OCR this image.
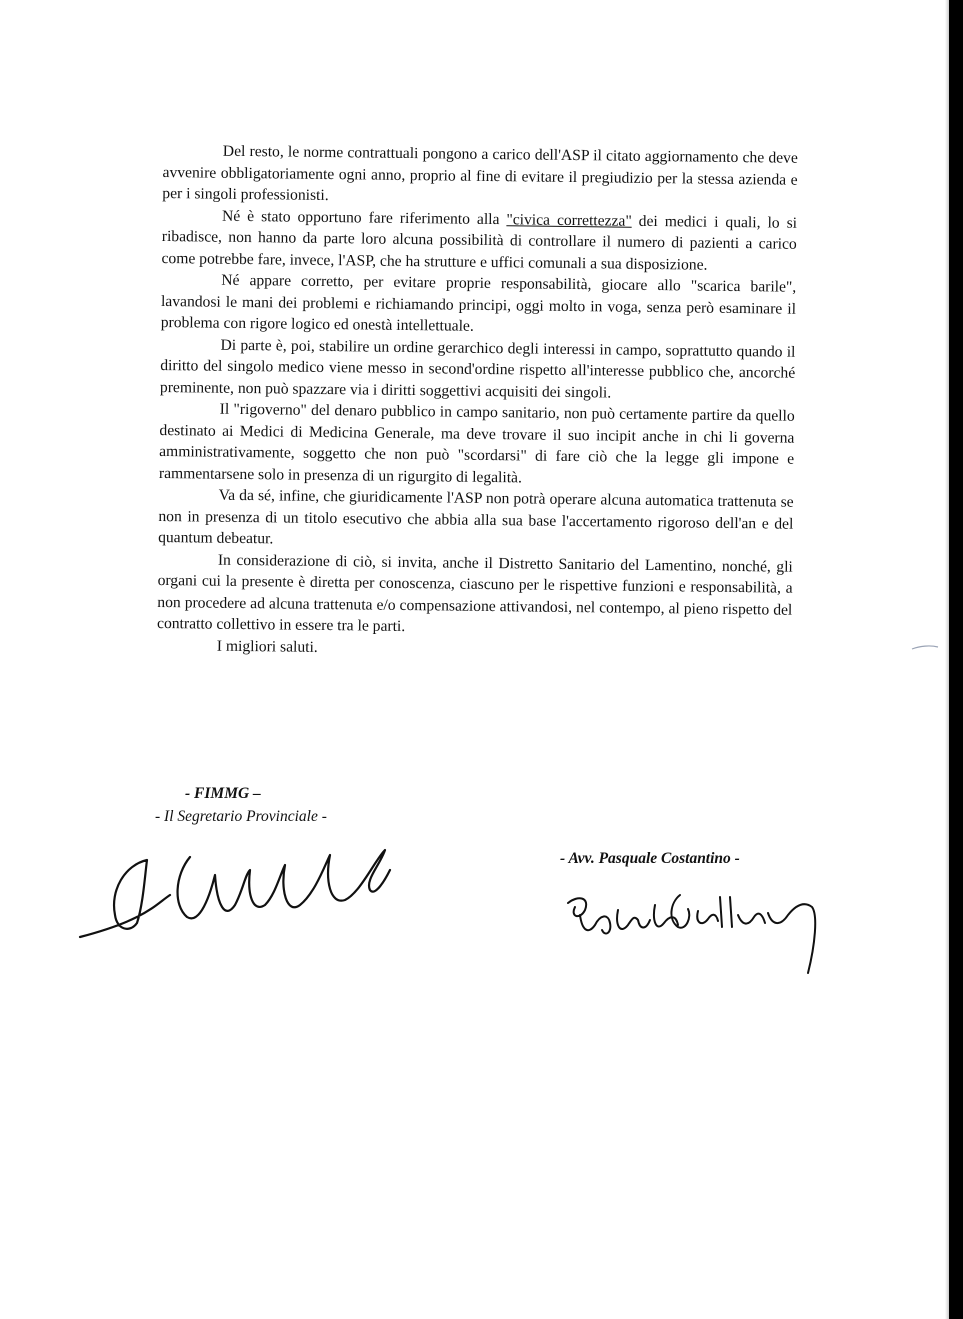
Del resto, le norme contrattuali pongono a carico dell'ASP il citato aggiornamento che deve avvenire obbligatoriamente ogni anno, proprio al fine di evitare il pregiudizio per la stessa azienda e per i singoli professionisti.

Né è stato opportuno fare riferimento alla "civica correttezza" dei medici i quali, lo si ribadisce, non hanno da parte loro alcuna possibilità di controllare il numero di pazienti a carico come potrebbe fare, invece, l'ASP, che ha strutture e uffici comunali a sua disposizione.

Né appare corretto, per evitare proprie responsabilità, giocare allo "scarica barile", lavandosi le mani dei problemi e richiamando principi, oggi molto in voga, senza però esaminare il problema con rigore logico ed onestà intellettuale.

Di parte è, poi, stabilire un ordine gerarchico degli interessi in campo, soprattutto quando il diritto del singolo medico viene messo in second'ordine rispetto all'interesse pubblico che, ancorché preminente, non può spazzare via i diritti soggettivi acquisiti dei singoli.

Il "rigoverno" del denaro pubblico in campo sanitario, non può certamente partire da quello destinato ai Medici di Medicina Generale, ma deve trovare il suo incipit anche in chi li governa amministrativamente, soggetto che non può "scordarsi" di fare ciò che la legge gli impone e rammentarsene solo in presenza di un rigurgito di legalità.

Va da sé, infine, che giuridicamente l'ASP non potrà operare alcuna automatica trattenuta se non in presenza di un titolo esecutivo che abbia alla sua base l'accertamento rigoroso dell'an e del quantum debeatur.

In considerazione di ciò, si invita, anche il Distretto Sanitario del Lamentino, nonché, gli organi cui la presente è diretta per conoscenza, ciascuno per le rispettive funzioni e responsabilità, a non procedere ad alcuna trattenuta e/o compensazione attivandosi, nel contempo, al pieno rispetto del contratto collettivo in essere tra le parti.

I migliori saluti.

- FIMMG –
- Il Segretario Provinciale -
- Avv. Pasquale Costantino -
